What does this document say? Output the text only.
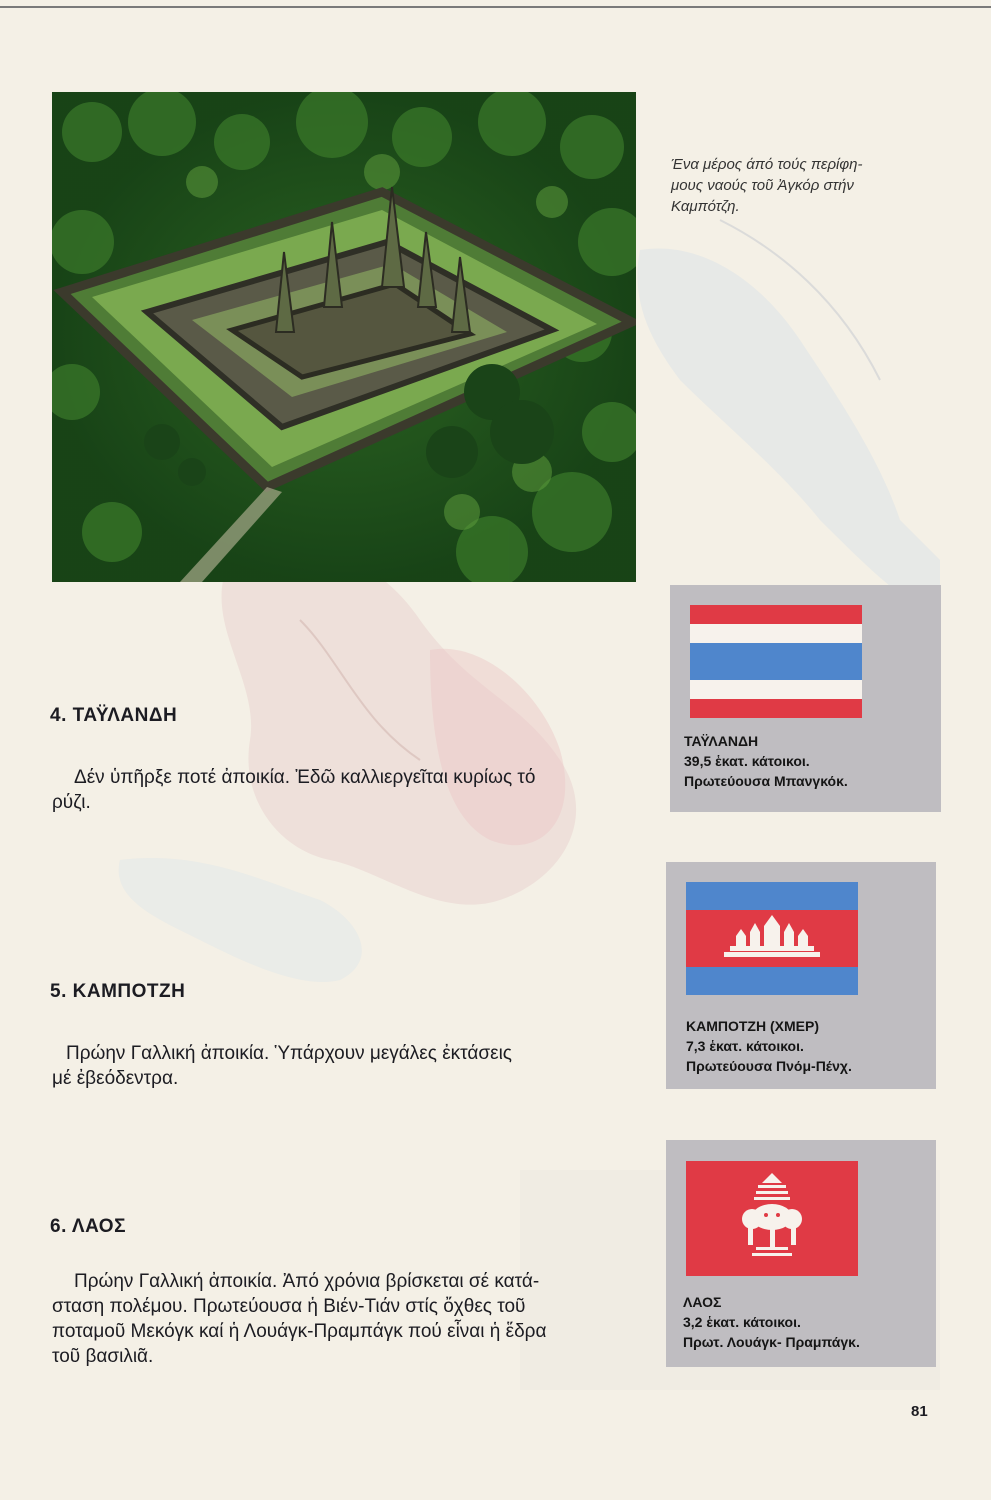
Ένα μέρος άπό τούς περίφη-
μους ναούς τοῦ Ἀγκόρ στήν
Καμπότζη.
4. ΤΑΫΛΑΝΔΗ
Δέν ὑπῆρξε ποτέ ἀποικία. Ἐδῶ καλλιεργεῖται κυρίως τό
ρύζι.
5. ΚΑΜΠΟΤΖΗ
Πρώην Γαλλική ἀποικία. Ὑπάρχουν μεγάλες ἐκτάσεις
μέ ἐβεόδεντρα.
6. ΛΑΟΣ
Πρώην Γαλλική ἀποικία. Ἀπό χρόνια βρίσκεται σέ κατά-
σταση πολέμου. Πρωτεύουσα ἡ Βιέν-Τιάν στίς ὄχθες τοῦ
ποταμοῦ Μεκόγκ καί ἡ Λουάγκ-Πραμπάγκ πού εἶναι ἡ ἕδρα
τοῦ βασιλιᾶ.
ΤΑΫΛΑΝΔΗ
39,5 ἑκατ. κάτοικοι.
Πρωτεύουσα Μπανγκόκ.
ΚΑΜΠΟΤΖΗ (ΧΜΕΡ)
7,3 ἑκατ. κάτοικοι.
Πρωτεύουσα Πνόμ-Πένχ.
ΛΑΟΣ
3,2 ἑκατ. κάτοικοι.
Πρωτ. Λουάγκ- Πραμπάγκ.
81
